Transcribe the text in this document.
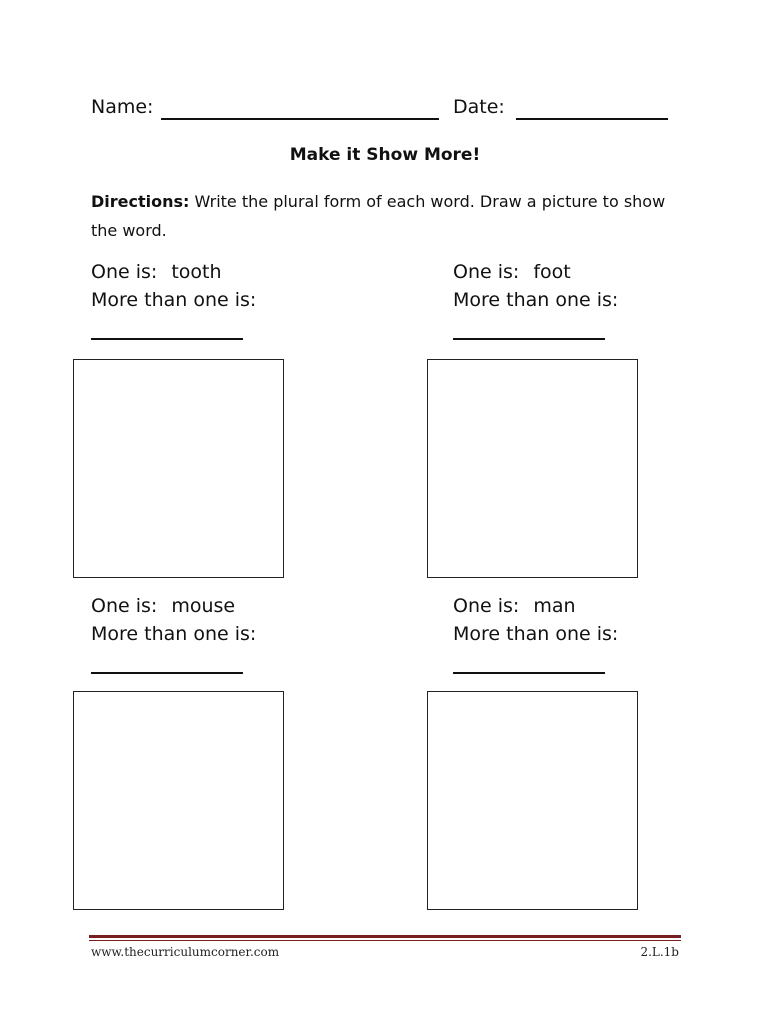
Name:	Date:
Make it Show More!
Directions: Write the plural form of each word. Draw a picture to show the word.
One is: tooth
More than one is:
One is: foot
More than one is:
One is: mouse
More than one is:
One is: man
More than one is:
www.thecurriculumcorner.com	2.L.1b
